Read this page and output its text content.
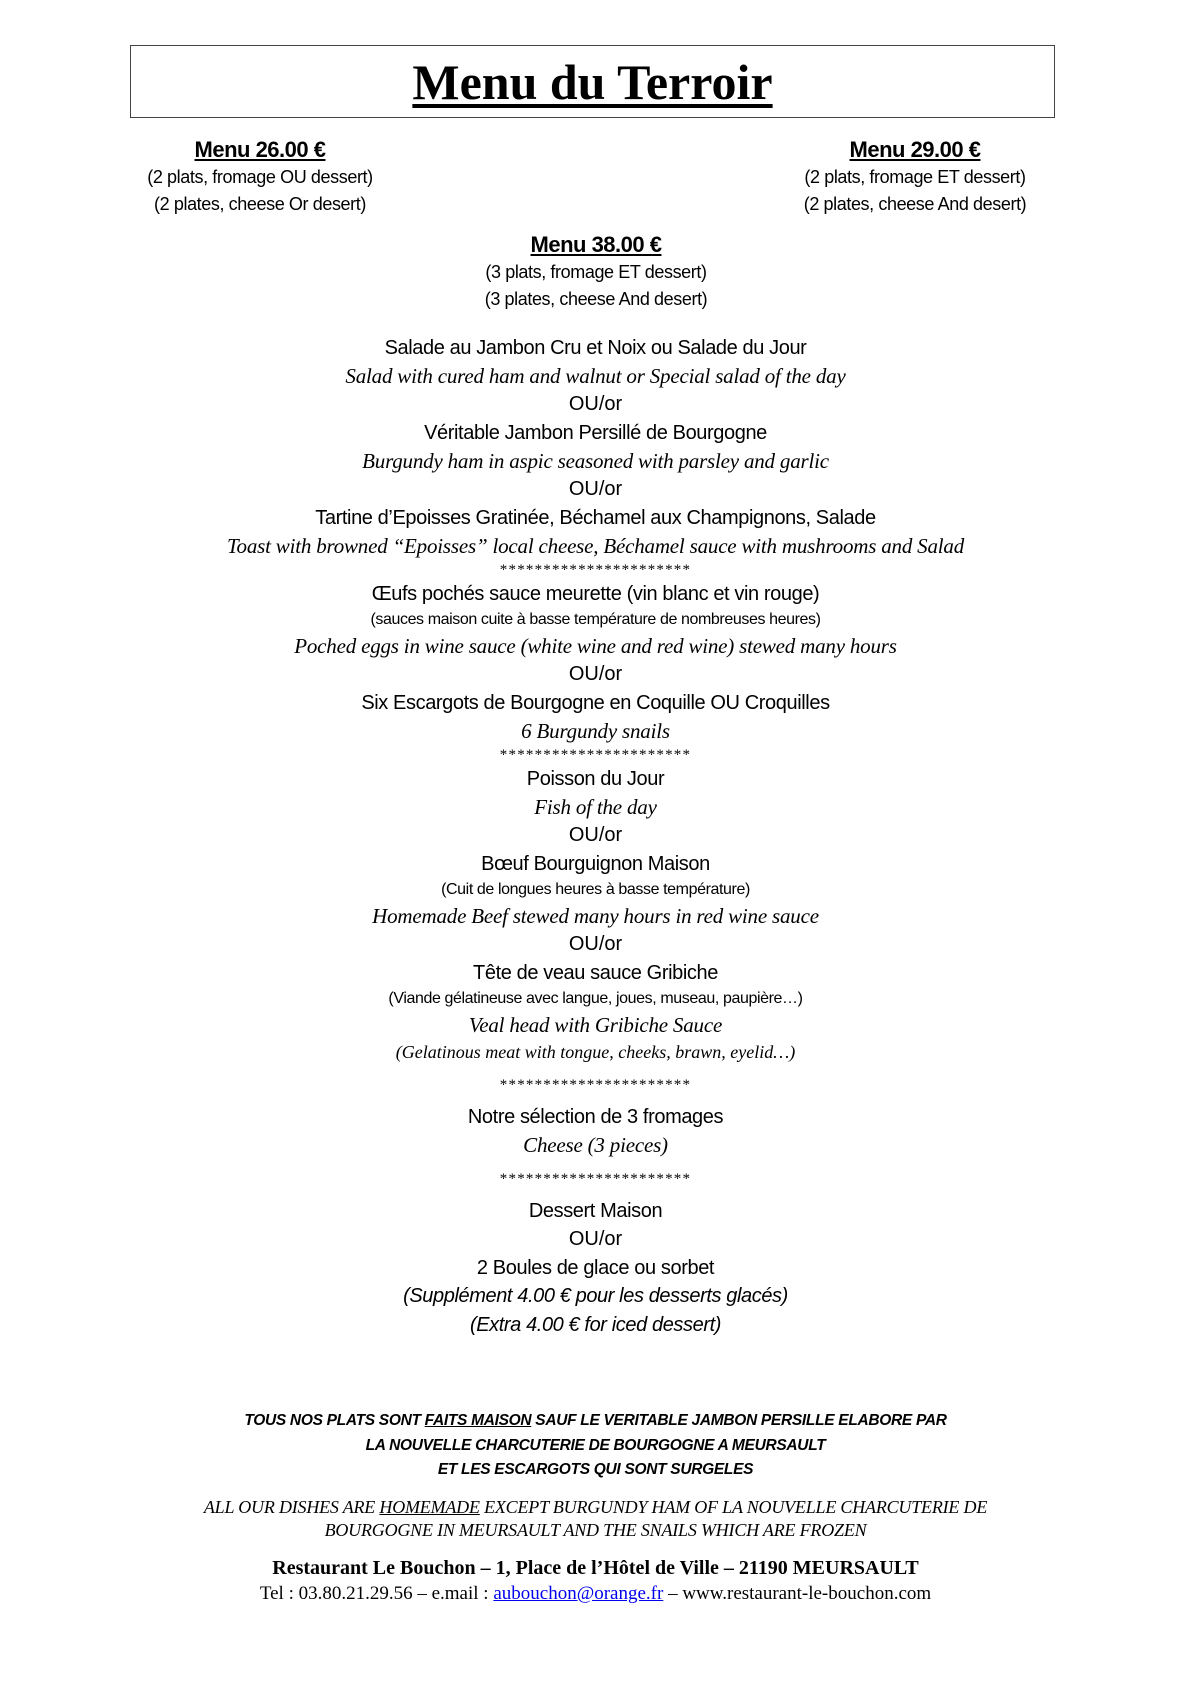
Menu du Terroir
Menu 26.00 €
(2 plats, fromage OU dessert)
(2 plates, cheese Or desert)
Menu 29.00 €
(2 plats, fromage ET dessert)
(2 plates, cheese And desert)
Menu 38.00 €
(3 plats, fromage ET dessert)
(3 plates, cheese And desert)
Salade au Jambon Cru et Noix ou Salade du Jour
Salad with cured ham and walnut or Special salad of the day
OU/or
Véritable Jambon Persillé de Bourgogne
Burgundy ham in aspic seasoned with parsley and garlic
OU/or
Tartine d’Epoisses Gratinée, Béchamel aux Champignons, Salade
Toast with browned “Epoisses” local cheese, Béchamel sauce with mushrooms and Salad
**********************
Œufs pochés sauce meurette (vin blanc et vin rouge)
(sauces maison cuite à basse température de nombreuses heures)
Poched eggs in wine sauce (white wine and red wine) stewed many hours
OU/or
Six Escargots de Bourgogne en Coquille OU Croquilles
6 Burgundy snails
**********************
Poisson du Jour
Fish of the day
OU/or
Bœuf Bourguignon Maison
(Cuit de longues heures à basse température)
Homemade Beef stewed many hours in red wine sauce
OU/or
Tête de veau sauce Gribiche
(Viande gélatineuse avec langue, joues, museau, paupière…)
Veal head with Gribiche Sauce
(Gelatinous meat with tongue, cheeks, brawn, eyelid…)
**********************
Notre sélection de 3 fromages
Cheese (3 pieces)
**********************
Dessert Maison
OU/or
2 Boules de glace ou sorbet
(Supplément 4.00 € pour les desserts glacés)
(Extra 4.00 € for iced dessert)
TOUS NOS PLATS SONT FAITS MAISON SAUF LE VERITABLE JAMBON PERSILLE ELABORE PAR
LA NOUVELLE CHARCUTERIE DE BOURGOGNE A MEURSAULT
ET LES ESCARGOTS QUI SONT SURGELES
ALL OUR DISHES ARE HOMEMADE EXCEPT BURGUNDY HAM OF LA NOUVELLE CHARCUTERIE DE
BOURGOGNE IN MEURSAULT AND THE SNAILS WHICH ARE FROZEN
Restaurant Le Bouchon – 1, Place de l’Hôtel de Ville – 21190 MEURSAULT
Tel : 03.80.21.29.56 – e.mail : aubouchon@orange.fr – www.restaurant-le-bouchon.com
